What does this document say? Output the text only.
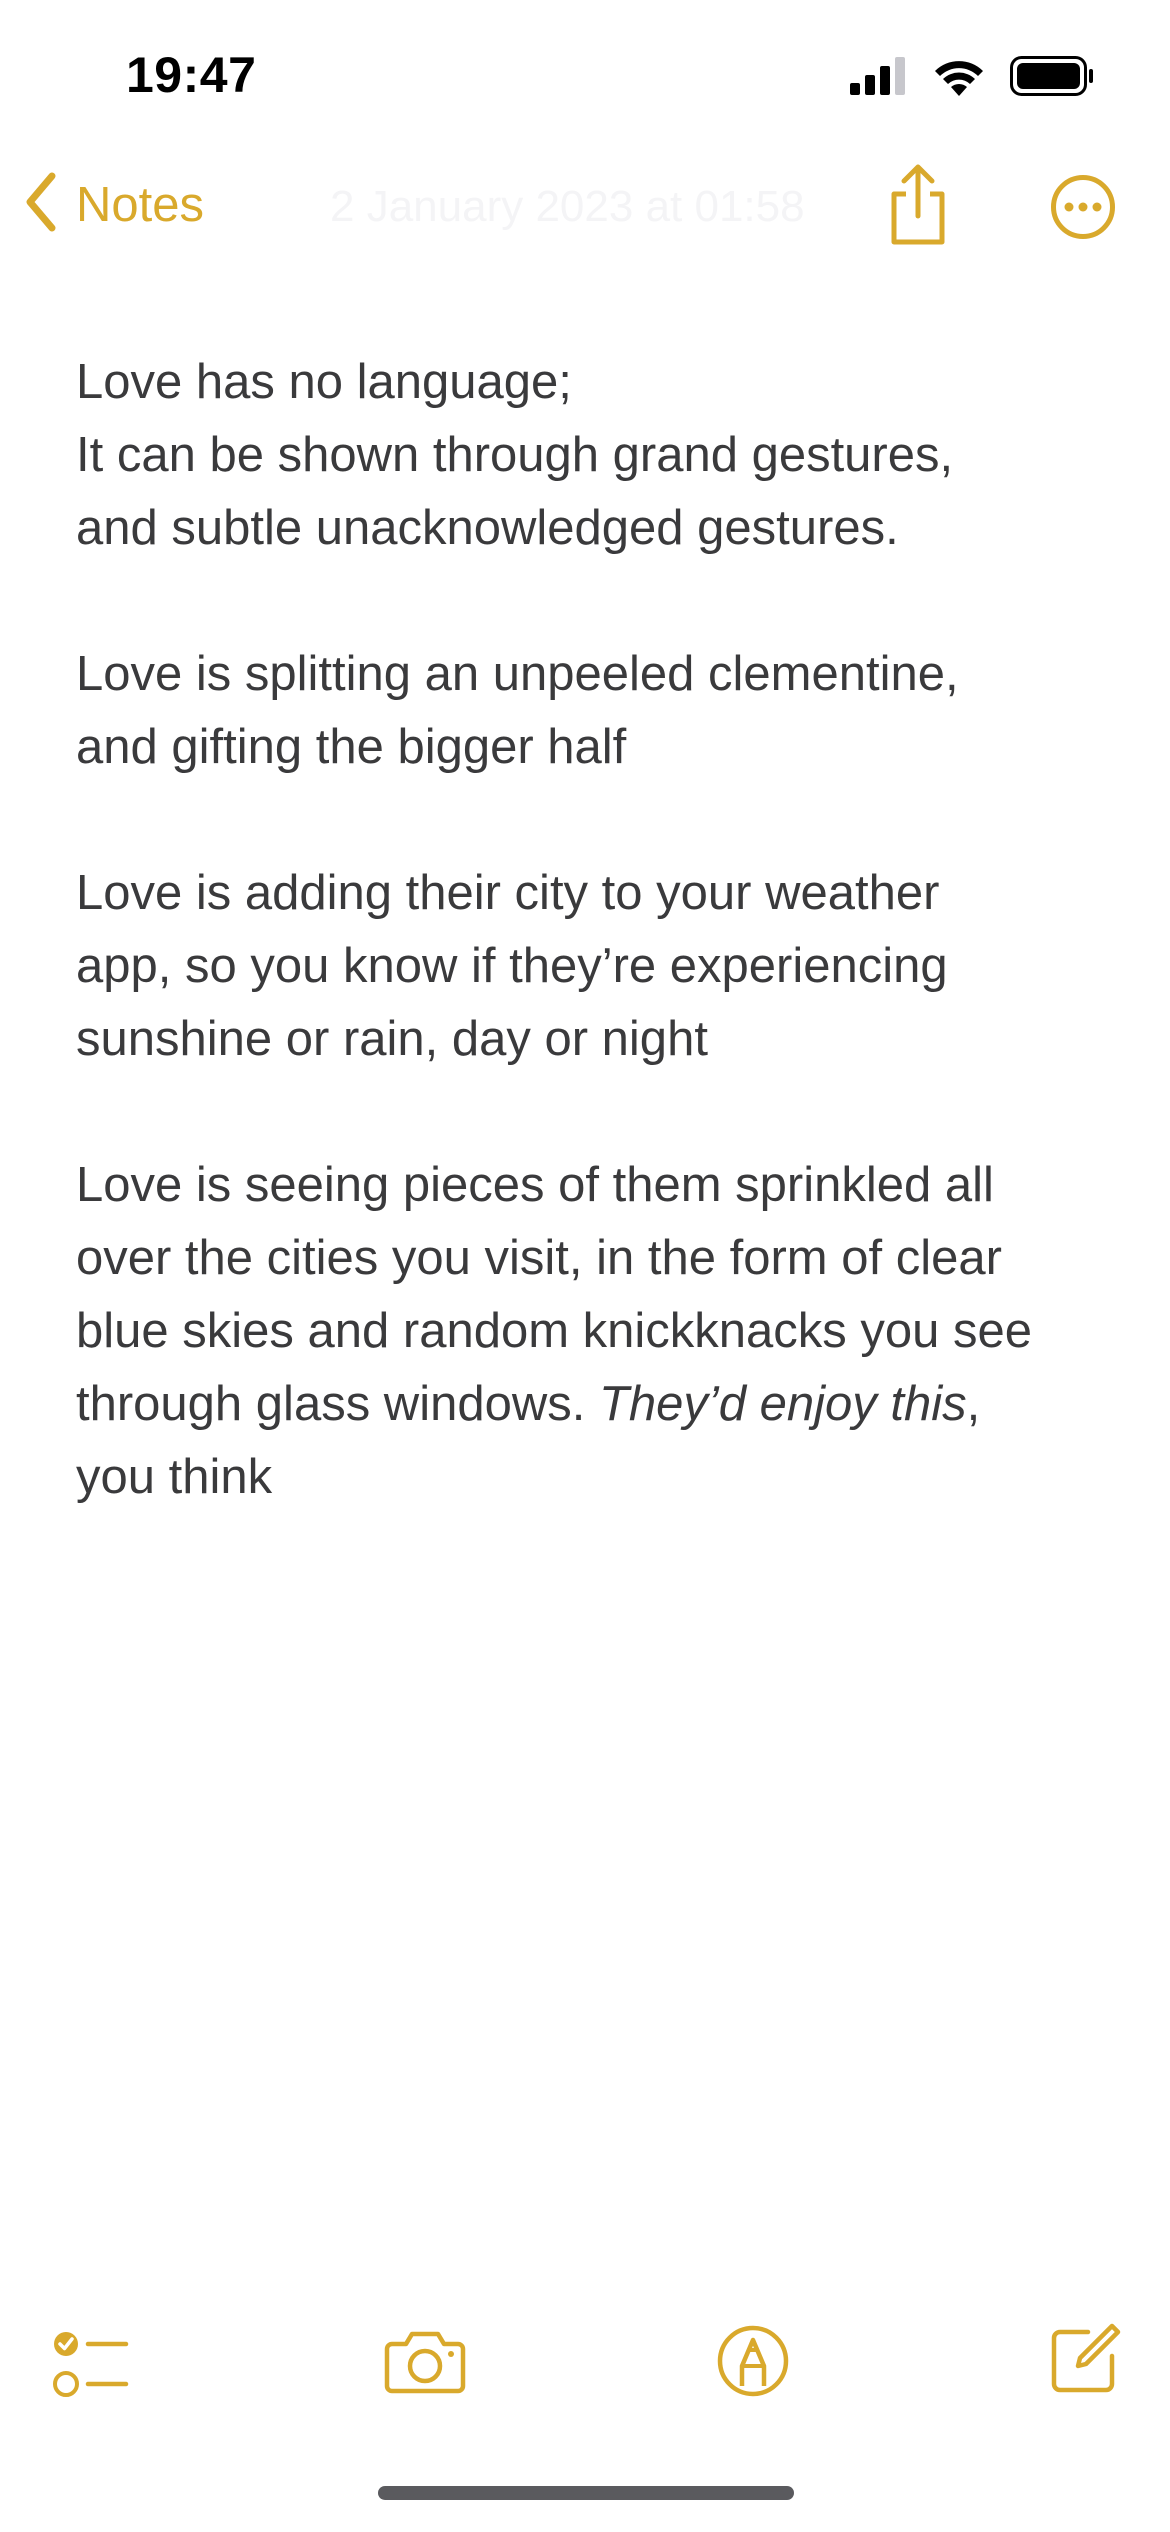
19:47
Notes	2 January 2023 at 01:58

Love has no language;
It can be shown through grand gestures,
and subtle unacknowledged gestures.

Love is splitting an unpeeled clementine,
and gifting the bigger half

Love is adding their city to your weather
app, so you know if they’re experiencing
sunshine or rain, day or night

Love is seeing pieces of them sprinkled all
over the cities you visit, in the form of clear
blue skies and random knickknacks you see
through glass windows. They’d enjoy this,
you think
